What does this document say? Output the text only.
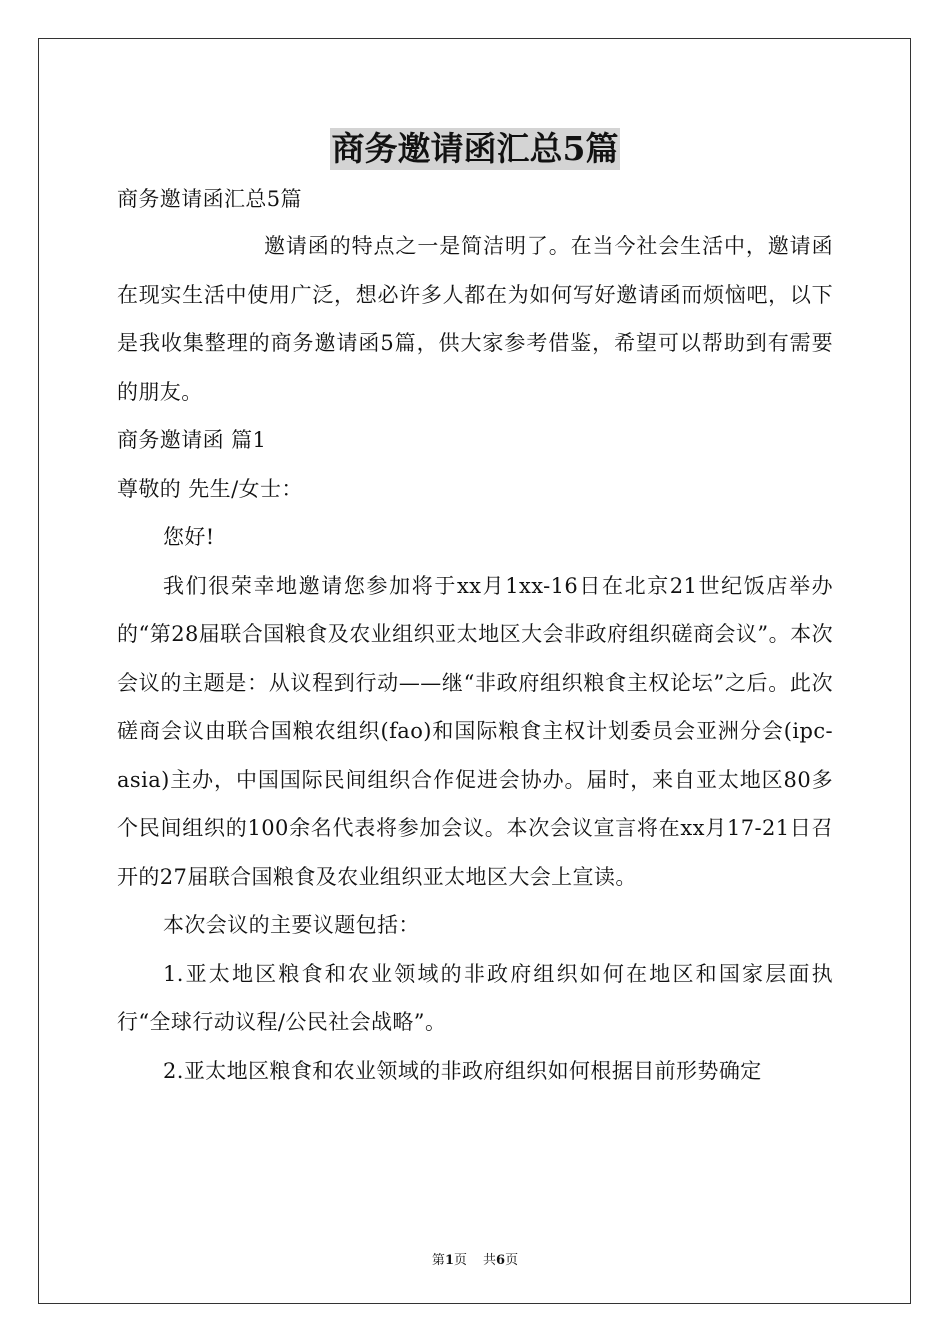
商务邀请函汇总5篇

商务邀请函汇总5篇

邀请函的特点之一是简洁明了。在当今社会生活中，邀请函在现实生活中使用广泛，想必许多人都在为如何写好邀请函而烦恼吧，以下是我收集整理的商务邀请函5篇，供大家参考借鉴，希望可以帮助到有需要的朋友。

商务邀请函 篇1

尊敬的 先生/女士：

您好!

我们很荣幸地邀请您参加将于xx月1xx-16日在北京21世纪饭店举办的“第28届联合国粮食及农业组织亚太地区大会非政府组织磋商会议”。本次会议的主题是：从议程到行动——继“非政府组织粮食主权论坛”之后。此次磋商会议由联合国粮农组织(fao)和国际粮食主权计划委员会亚洲分会(ipc-asia)主办，中国国际民间组织合作促进会协办。届时，来自亚太地区80多个民间组织的100余名代表将参加会议。本次会议宣言将在xx月17-21日召开的27届联合国粮食及农业组织亚太地区大会上宣读。

本次会议的主要议题包括：

1.亚太地区粮食和农业领域的非政府组织如何在地区和国家层面执行“全球行动议程/公民社会战略”。

2.亚太地区粮食和农业领域的非政府组织如何根据目前形势确定

第1页 共6页
